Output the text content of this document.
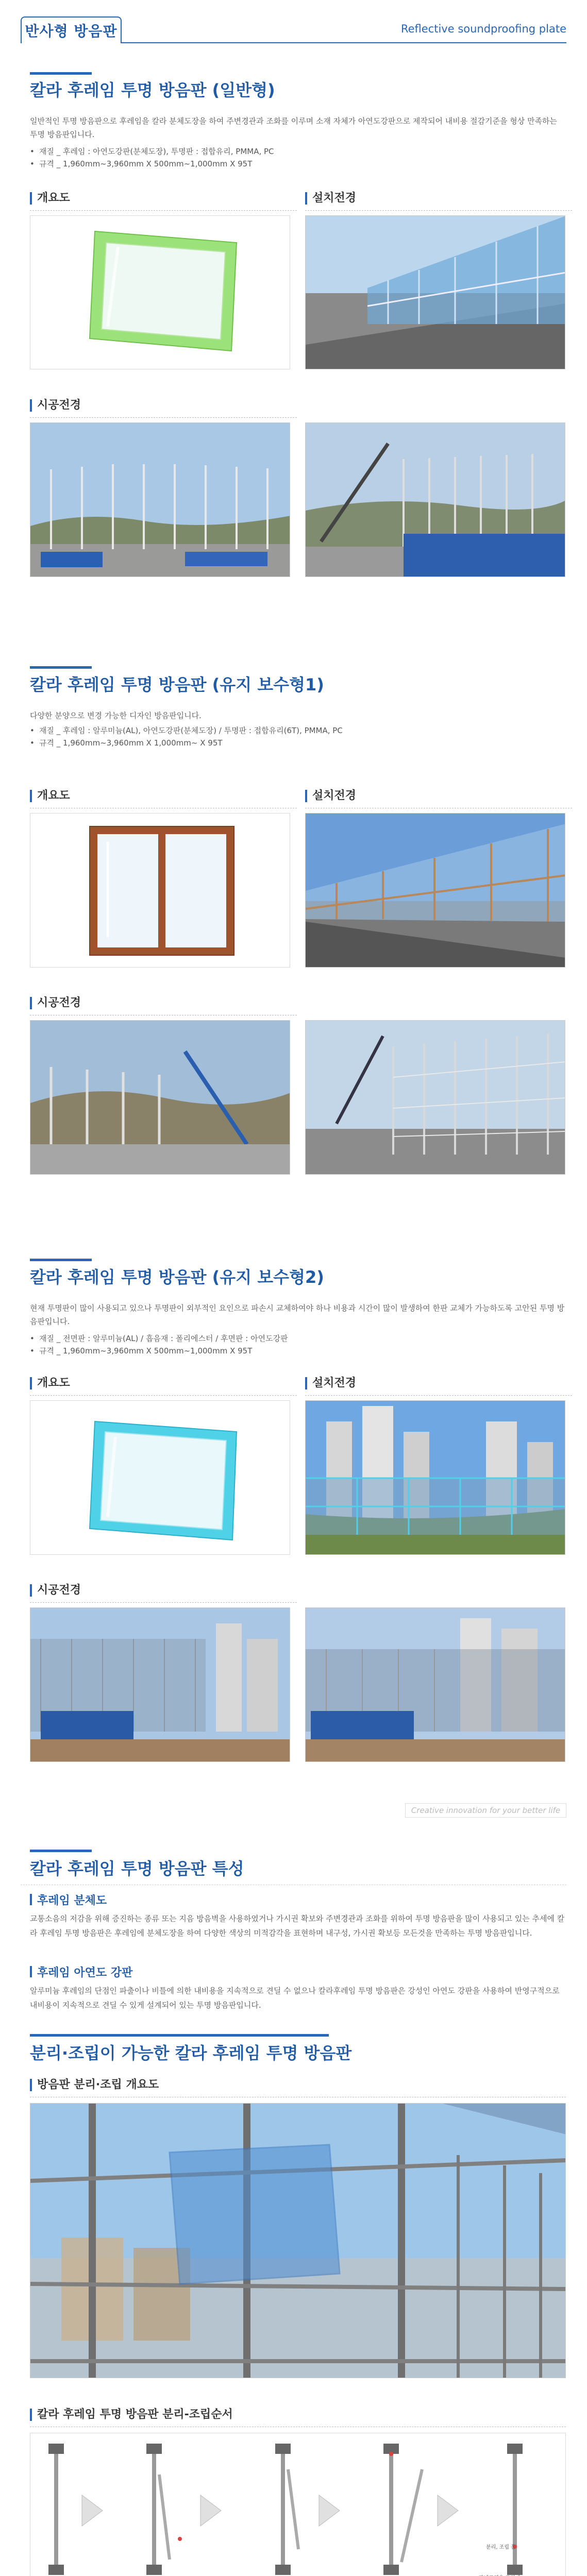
반사형 방음판	Reflective soundproofing plate
칼라 후레임 투명 방음판 (일반형)
일반적인 투명 방음판으로 후레임을 칼라 분체도장을 하여 주변경관과 조화를 이루며 소재 자체가 아연도강판으로 제작되어 내비용 절감기준을 형상 만족하는 투명 방음판입니다.
• 재질 _ 후레임 : 아연도강판(분체도장), 투명판 : 접합유리, PMMA, PC
• 규격 _ 1,960mm~3,960mm X 500mm~1,000mm X 95T
개요도	설치전경
시공전경
칼라 후레임 투명 방음판 (유지 보수형1)
다양한 분양으로 변경 가능한 디자인 방음판입니다.
• 재질 _ 후레임 : 알루미늄(AL), 아연도강판(분체도장) / 투명판 : 접합유리(6T), PMMA, PC
• 규격 _ 1,960mm~3,960mm X 1,000mm~ X 95T
개요도	설치전경
시공전경
칼라 후레임 투명 방음판 (유지 보수형2)
현재 투명판이 많이 사용되고 있으나 투명판이 외부적인 요인으로 파손시 교체하여야 하나 비용과 시간이 많이 발생하여 한판 교체가 가능하도록 고안된 투명 방음판입니다.
• 재질 _ 전면판 : 알루미늄(AL) / 흡음재 : 폴리에스터 / 후면판 : 아연도강판
• 규격 _ 1,960mm~3,960mm X 500mm~1,000mm X 95T
개요도	설치전경
시공전경
Creative innovation for your better life
칼라 후레임 투명 방음판 특성
후레임 분체도
교통소음의 저감을 위해 증진하는 종류 또는 지음 방음벽을 사용하였거나 가시권 확보와 주변경관과 조화를 위하여 투명 방음판을 많이 사용되고 있는 추세에 칼라 후레임 투명 방음판은 후레임에 분체도장을 하여 다양한 색상의 미적감각을 표현하며 내구성, 가시권 확보등 모든것을 만족하는 투명 방음판입니다.
후레임 아연도 강판
알루미늄 후레임의 단점인 파출이나 비틀에 의한 내비용을 지속적으로 견딜 수 없으나 칼라후레임 투명 방음판은 강성인 아연도 강판을 사용하여 반영구적으로 내비용이 지속적으로 견딜 수 있게 설계되어 있는 투명 방음판입니다.
분리·조립이 가능한 칼라 후레임 투명 방음판
방음판 분리·조립 개요도
칼라 후레임 투명 방음판 분리-조립순서
분리, 조립 홀
